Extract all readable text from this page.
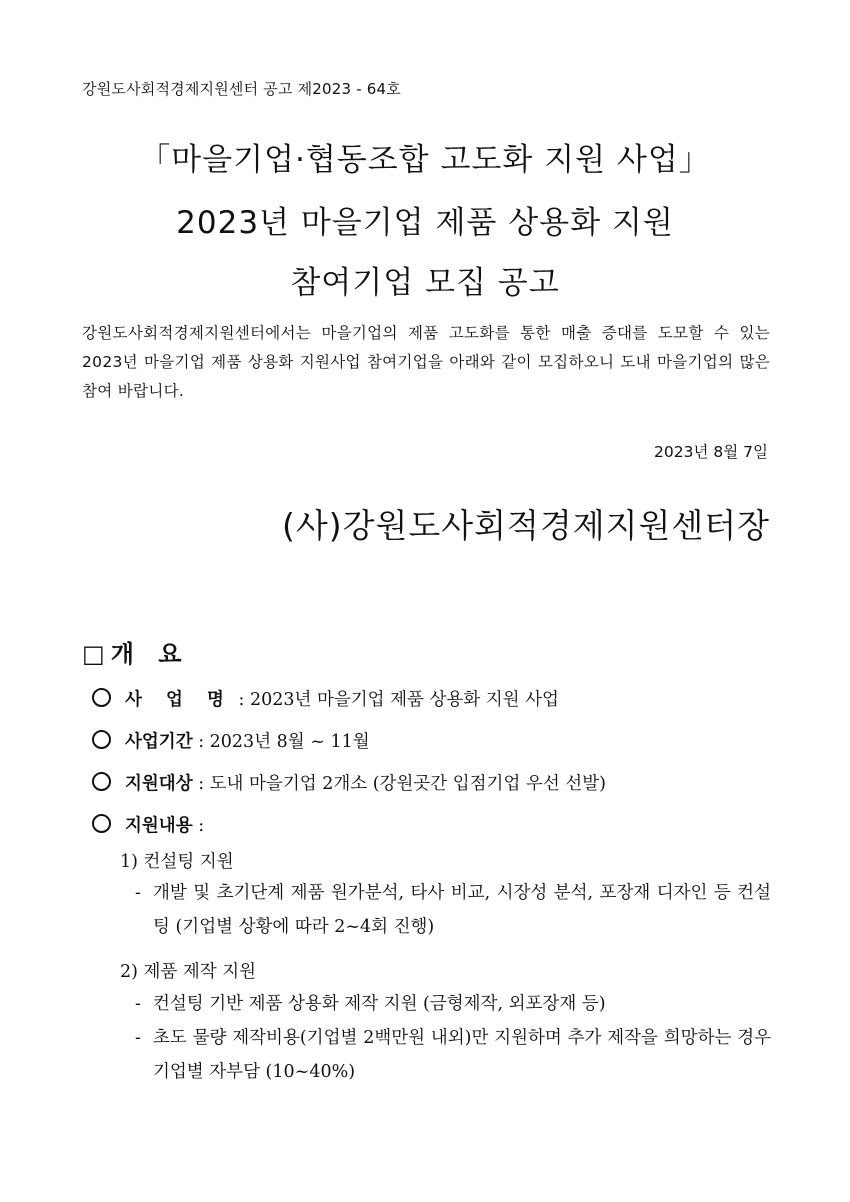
강원도사회적경제지원센터 공고 제2023 - 64호
「마을기업·협동조합 고도화 지원 사업」
2023년 마을기업 제품 상용화 지원
참여기업 모집 공고
강원도사회적경제지원센터에서는 마을기업의 제품 고도화를 통한 매출 증대를 도모할 수 있는 2023년 마을기업 제품 상용화 지원사업 참여기업을 아래와 같이 모집하오니 도내 마을기업의 많은 참여 바랍니다.
2023년 8월 7일
(사)강원도사회적경제지원센터장
□ 개 요
사 업 명 : 2023년 마을기업 제품 상용화 지원 사업
사업기간 : 2023년 8월 ~ 11월
지원대상 : 도내 마을기업 2개소 (강원곳간 입점기업 우선 선발)
지원내용 :
1) 컨설팅 지원
- 개발 및 초기단계 제품 원가분석, 타사 비교, 시장성 분석, 포장재 디자인 등 컨설팅 (기업별 상황에 따라 2~4회 진행)
2) 제품 제작 지원
- 컨설팅 기반 제품 상용화 제작 지원 (금형제작, 외포장재 등)
- 초도 물량 제작비용(기업별 2백만원 내외)만 지원하며 추가 제작을 희망하는 경우 기업별 자부담 (10~40%)
